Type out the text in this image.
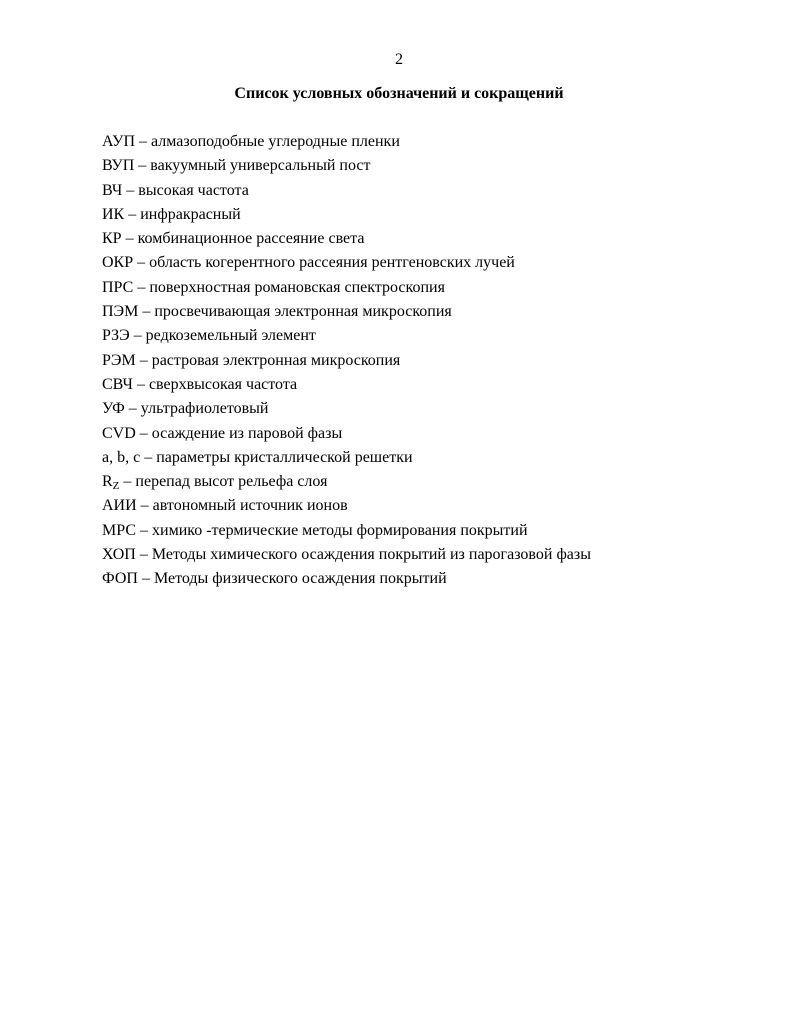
2
Список условных обозначений и сокращений
АУП – алмазоподобные углеродные пленки
ВУП – вакуумный универсальный пост
ВЧ – высокая частота
ИК – инфракрасный
КР – комбинационное рассеяние света
ОКР – область когерентного рассеяния рентгеновских лучей
ПРС – поверхностная романовская спектроскопия
ПЭМ – просвечивающая электронная микроскопия
РЗЭ – редкоземельный элемент
РЭМ – растровая электронная микроскопия
СВЧ – сверхвысокая частота
УФ – ультрафиолетовый
CVD – осаждение из паровой фазы
a, b, c – параметры кристаллической решетки
$R_Z$ – перепад высот рельефа слоя
АИИ – автономный источник ионов
МРС – химико -термические методы формирования покрытий
ХОП – Методы химического осаждения покрытий из парогазовой фазы
ФОП – Методы физического осаждения покрытий
